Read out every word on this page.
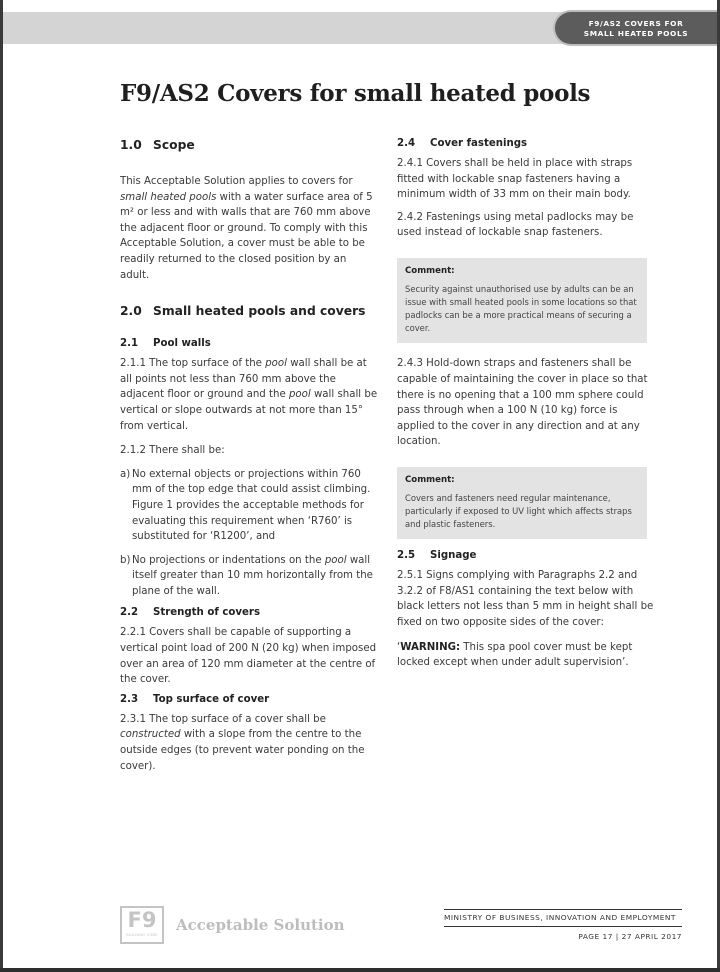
F9/AS2 COVERS FOR
SMALL HEATED POOLS
F9/AS2 Covers for small heated pools
1.0 Scope

This Acceptable Solution applies to covers for small heated pools with a water surface area of 5 m² or less and with walls that are 760 mm above the adjacent floor or ground. To comply with this Acceptable Solution, a cover must be able to be readily returned to the closed position by an adult.

2.0 Small heated pools and covers
2.1	Pool walls

2.1.1 The top surface of the pool wall shall be at all points not less than 760 mm above the adjacent floor or ground and the pool wall shall be vertical or slope outwards at not more than 15° from vertical.

2.1.2 There shall be:

a) No external objects or projections within 760 mm of the top edge that could assist climbing. Figure 1 provides the acceptable methods for evaluating this requirement when ‘R760’ is substituted for ‘R1200’, and

b) No projections or indentations on the pool wall itself greater than 10 mm horizontally from the plane of the wall.

2.2	Strength of covers

2.2.1 Covers shall be capable of supporting a vertical point load of 200 N (20 kg) when imposed over an area of 120 mm diameter at the centre of the cover.

2.3	Top surface of cover

2.3.1 The top surface of a cover shall be constructed with a slope from the centre to the outside edges (to prevent water ponding on the cover).

2.4	Cover fastenings

2.4.1 Covers shall be held in place with straps fitted with lockable snap fasteners having a minimum width of 33 mm on their main body.

2.4.2 Fastenings using metal padlocks may be used instead of lockable snap fasteners.

Comment:

Security against unauthorised use by adults can be an issue with small heated pools in some locations so that padlocks can be a more practical means of securing a cover.

2.4.3 Hold-down straps and fasteners shall be capable of maintaining the cover in place so that there is no opening that a 100 mm sphere could pass through when a 100 N (10 kg) force is applied to the cover in any direction and at any location.

Comment:

Covers and fasteners need regular maintenance, particularly if exposed to UV light which affects straps and plastic fasteners.

2.5	Signage

2.5.1 Signs complying with Paragraphs 2.2 and 3.2.2 of F8/AS1 containing the text below with black letters not less than 5 mm in height shall be fixed on two opposite sides of the cover:

‘WARNING: This spa pool cover must be kept locked except when under adult supervision’.

F9
BUILDING CODE
Acceptable Solution	MINISTRY OF BUSINESS, INNOVATION AND EMPLOYMENT
PAGE 17 | 27 APRIL 2017
